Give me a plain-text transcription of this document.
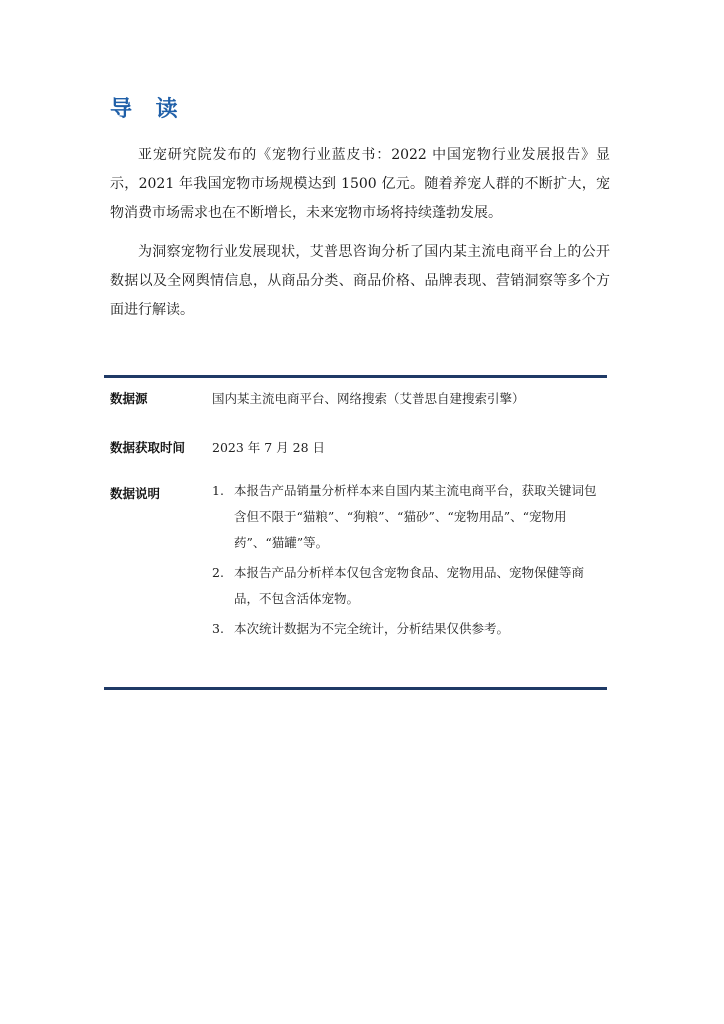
导 读

亚宠研究院发布的《宠物行业蓝皮书：2022 中国宠物行业发展报告》显示，2021 年我国宠物市场规模达到 1500 亿元。随着养宠人群的不断扩大，宠物消费市场需求也在不断增长，未来宠物市场将持续蓬勃发展。

为洞察宠物行业发展现状，艾普思咨询分析了国内某主流电商平台上的公开数据以及全网舆情信息，从商品分类、商品价格、品牌表现、营销洞察等多个方面进行解读。

数据源	国内某主流电商平台、网络搜索（艾普思自建搜索引擎）
数据获取时间 2023 年 7 月 28 日
数据说明	1. 本报告产品销量分析样本来自国内某主流电商平台，获取关键词包含但不限于“猫粮”、“狗粮”、“猫砂”、“宠物用品”、“宠物用药”、“猫罐”等。
2. 本报告产品分析样本仅包含宠物食品、宠物用品、宠物保健等商品，不包含活体宠物。
3. 本次统计数据为不完全统计，分析结果仅供参考。
